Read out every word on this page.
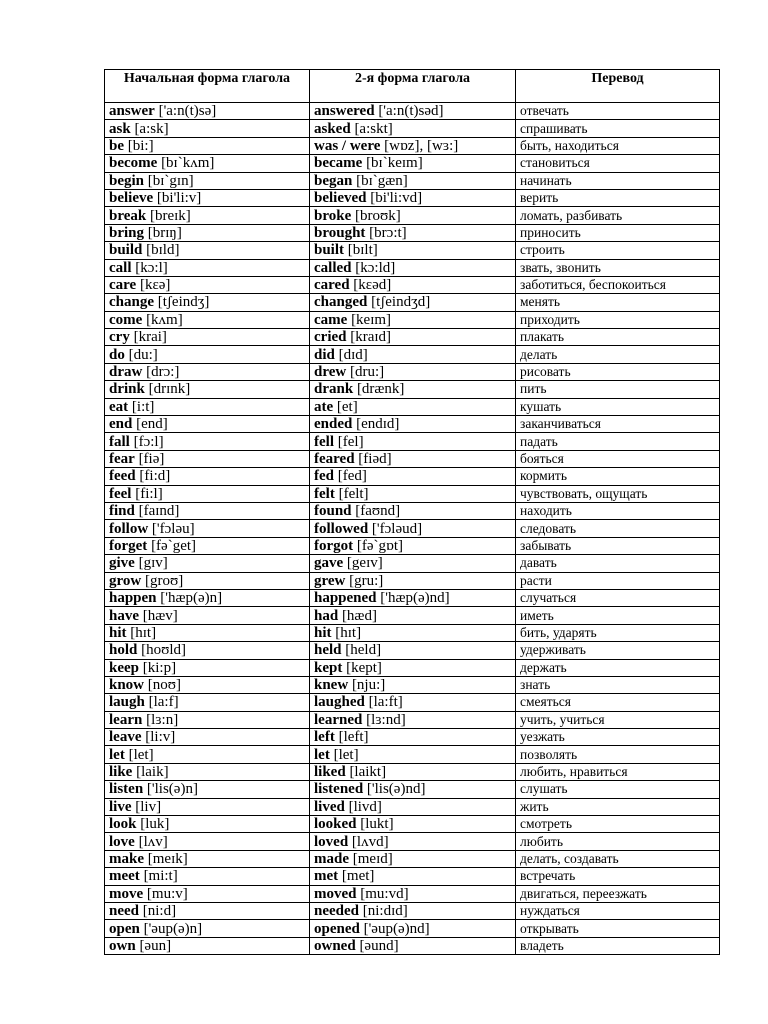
Начальная форма глагола	2-я форма глагола	Перевод
answer ['a:n(t)sə]	answered ['a:n(t)səd]	отвечать
ask [a:sk]	asked [a:skt]	спрашивать
be [bi:]	was / were [wɒz], [wɜ:]	быть, находиться
become [bɪ`kʌm]	became [bɪ`keɪm]	становиться
begin [bɪ`gɪn]	began [bɪ`gæn]	начинать
believe [bi'li:v]	believed [bi'li:vd]	верить
break [breɪk]	broke [broʊk]	ломать, разбивать
bring [brɪŋ]	brought [brɔ:t]	приносить
build [bɪld]	built [bɪlt]	строить
call [kɔ:l]	called [kɔ:ld]	звать, звонить
care [kɛə]	cared [kɛəd]	заботиться, беспокоиться
change [tʃeindʒ]	changed [tʃeindʒd]	менять
come [kʌm]	came [keɪm]	приходить
cry [krai]	cried [kraɪd]	плакать
do [du:]	did [dɪd]	делать
draw [drɔ:]	drew [dru:]	рисовать
drink [drɪnk]	drank [drænk]	пить
eat [i:t]	ate [et]	кушать
end [end]	ended [endɪd]	заканчиваться
fall [fɔ:l]	fell [fel]	падать
fear [fiə]	feared [fiəd]	бояться
feed [fi:d]	fed [fed]	кормить
feel [fi:l]	felt [felt]	чувствовать, ощущать
find [faɪnd]	found [faʊnd]	находить
follow ['fɔləu]	followed ['fɔləud]	следовать
forget [fə`get]	forgot [fə`gɒt]	забывать
give [gɪv]	gave [geɪv]	давать
grow [groʊ]	grew [gru:]	расти
happen ['hæp(ə)n]	happened ['hæp(ə)nd]	случаться
have [hæv]	had [hæd]	иметь
hit [hɪt]	hit [hɪt]	бить, ударять
hold [hoʊld]	held [held]	удерживать
keep [ki:p]	kept [kept]	держать
know [noʊ]	knew [nju:]	знать
laugh [la:f]	laughed [la:ft]	смеяться
learn [lɜ:n]	learned [lɜ:nd]	учить, учиться
leave [li:v]	left [left]	уезжать
let [let]	let [let]	позволять
like [laik]	liked [laikt]	любить, нравиться
listen ['lis(ə)n]	listened ['lis(ə)nd]	слушать
live [liv]	lived [livd]	жить
look [luk]	looked [lukt]	смотреть
love [lʌv]	loved [lʌvd]	любить
make [meɪk]	made [meɪd]	делать, создавать
meet [mi:t]	met [met]	встречать
move [mu:v]	moved [mu:vd]	двигаться, переезжать
need [ni:d]	needed [ni:dɪd]	нуждаться
open ['əup(ə)n]	opened ['əup(ə)nd]	открывать
own [əun]	owned [əund]	владеть
